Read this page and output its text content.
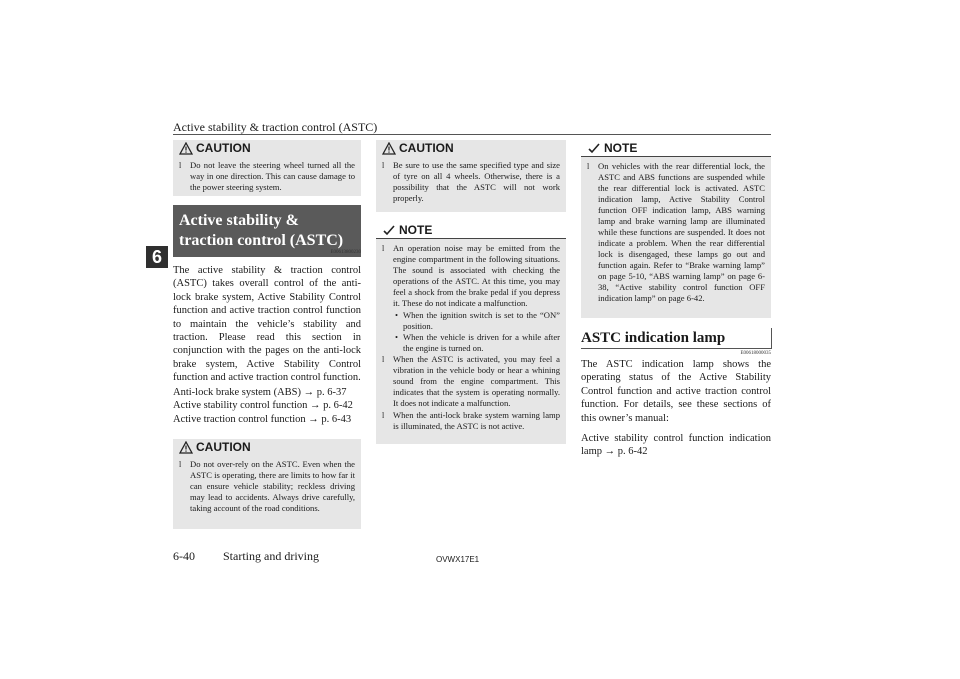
Active stability & traction control (ASTC)
6
CAUTION
l	Do not leave the steering wheel turned all the way in one direction. This can cause damage to the power steering system.

Active stability & traction control (ASTC)
E00613800230

The active stability & traction control (ASTC) takes overall control of the anti-lock brake system, Active Stability Control function and active traction control function to maintain the vehicle’s stability and traction. Please read this section in conjunction with the pages on the anti-lock brake system, Active Stability Control function and active traction control function.

Anti-lock brake system (ABS) → p. 6-37

Active stability control function → p. 6-42

Active traction control function → p. 6-43

CAUTION
l	Do not over-rely on the ASTC. Even when the ASTC is operating, there are limits to how far it can ensure vehicle stability; reckless driving may lead to accidents. Always drive carefully, taking account of the road conditions.

CAUTION
l	Be sure to use the same specified type and size of tyre on all 4 wheels. Otherwise, there is a possibility that the ASTC will not work properly.

NOTE
l	An operation noise may be emitted from the engine compartment in the following situations. The sound is associated with checking the operations of the ASTC. At this time, you may feel a shock from the brake pedal if you depress it. These do not indicate a malfunction.

• When the ignition switch is set to the “ON” position.

• When the vehicle is driven for a while after the engine is turned on.

l	When the ASTC is activated, you may feel a vibration in the vehicle body or hear a whining sound from the engine compartment. This indicates that the system is operating normally. It does not indicate a malfunction.

l	When the anti-lock brake system warning lamp is illuminated, the ASTC is not active.

NOTE
l	On vehicles with the rear differential lock, the ASTC and ABS functions are suspended while the rear differential lock is activated. ASTC indication lamp, Active Stability Control function OFF indication lamp, ABS warning lamp and brake warning lamp are illuminated while these functions are suspended. It does not indicate a problem. When the rear differential lock is disengaged, these lamps go out and function again. Refer to “Brake warning lamp” on page 5-10, “ABS warning lamp” on page 6-38, “Active stability control function OFF indication lamp” on page 6-42.

ASTC indication lamp
E00618000035

The ASTC indication lamp shows the operating status of the Active Stability Control function and active traction control function. For details, see these sections of this owner’s manual:

Active stability control function indication lamp → p. 6-42

6-40 Starting and driving	OVWX17E1
